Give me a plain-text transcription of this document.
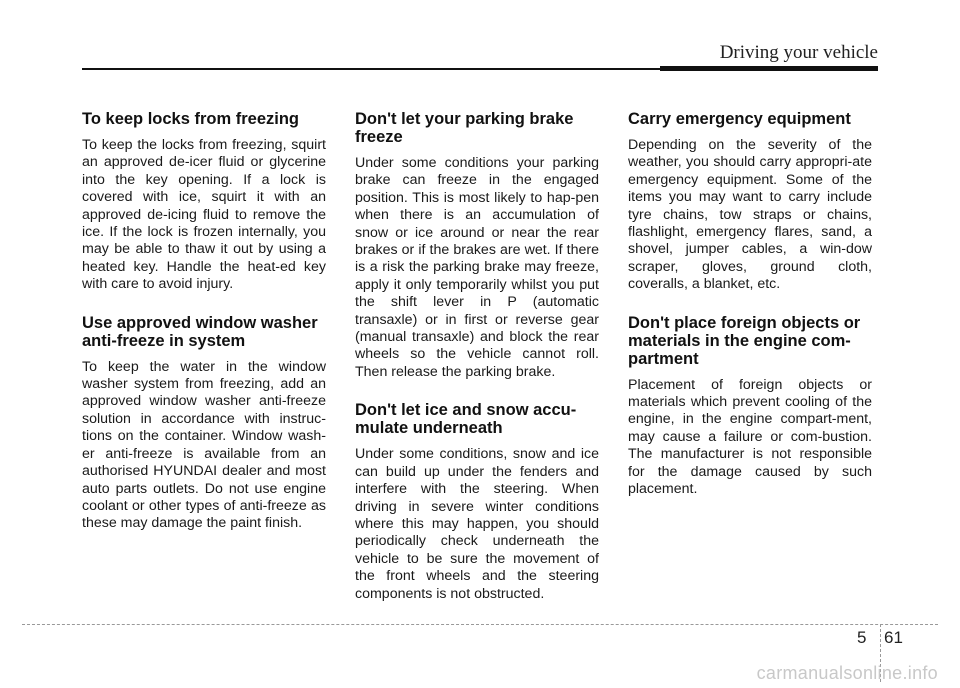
Driving your vehicle
To keep locks from freezing

To keep the locks from freezing, squirt an approved de-icer fluid or glycerine into the key opening. If a lock is covered with ice, squirt it with an approved de-icing fluid to remove the ice. If the lock is frozen internally, you may be able to thaw it out by using a heated key. Handle the heat-ed key with care to avoid injury.

Use approved window washer anti-freeze in system

To keep the water in the window washer system from freezing, add an approved window washer anti-freeze solution in accordance with instruc-tions on the container. Window wash-er anti-freeze is available from an authorised HYUNDAI dealer and most auto parts outlets. Do not use engine coolant or other types of anti-freeze as these may damage the paint finish.

Don't let your parking brake freeze

Under some conditions your parking brake can freeze in the engaged position. This is most likely to hap-pen when there is an accumulation of snow or ice around or near the rear brakes or if the brakes are wet. If there is a risk the parking brake may freeze, apply it only temporarily whilst you put the shift lever in P (automatic transaxle) or in first or reverse gear (manual transaxle) and block the rear wheels so the vehicle cannot roll. Then release the parking brake.

Don't let ice and snow accu-mulate underneath

Under some conditions, snow and ice can build up under the fenders and interfere with the steering. When driving in severe winter conditions where this may happen, you should periodically check underneath the vehicle to be sure the movement of the front wheels and the steering components is not obstructed.

Carry emergency equipment

Depending on the severity of the weather, you should carry appropri-ate emergency equipment. Some of the items you may want to carry include tyre chains, tow straps or chains, flashlight, emergency flares, sand, a shovel, jumper cables, a win-dow scraper, gloves, ground cloth, coveralls, a blanket, etc.

Don't place foreign objects or materials in the engine com-partment

Placement of foreign objects or materials which prevent cooling of the engine, in the engine compart-ment, may cause a failure or com-bustion. The manufacturer is not responsible for the damage caused by such placement.

5 61
carmanualsonline.info
